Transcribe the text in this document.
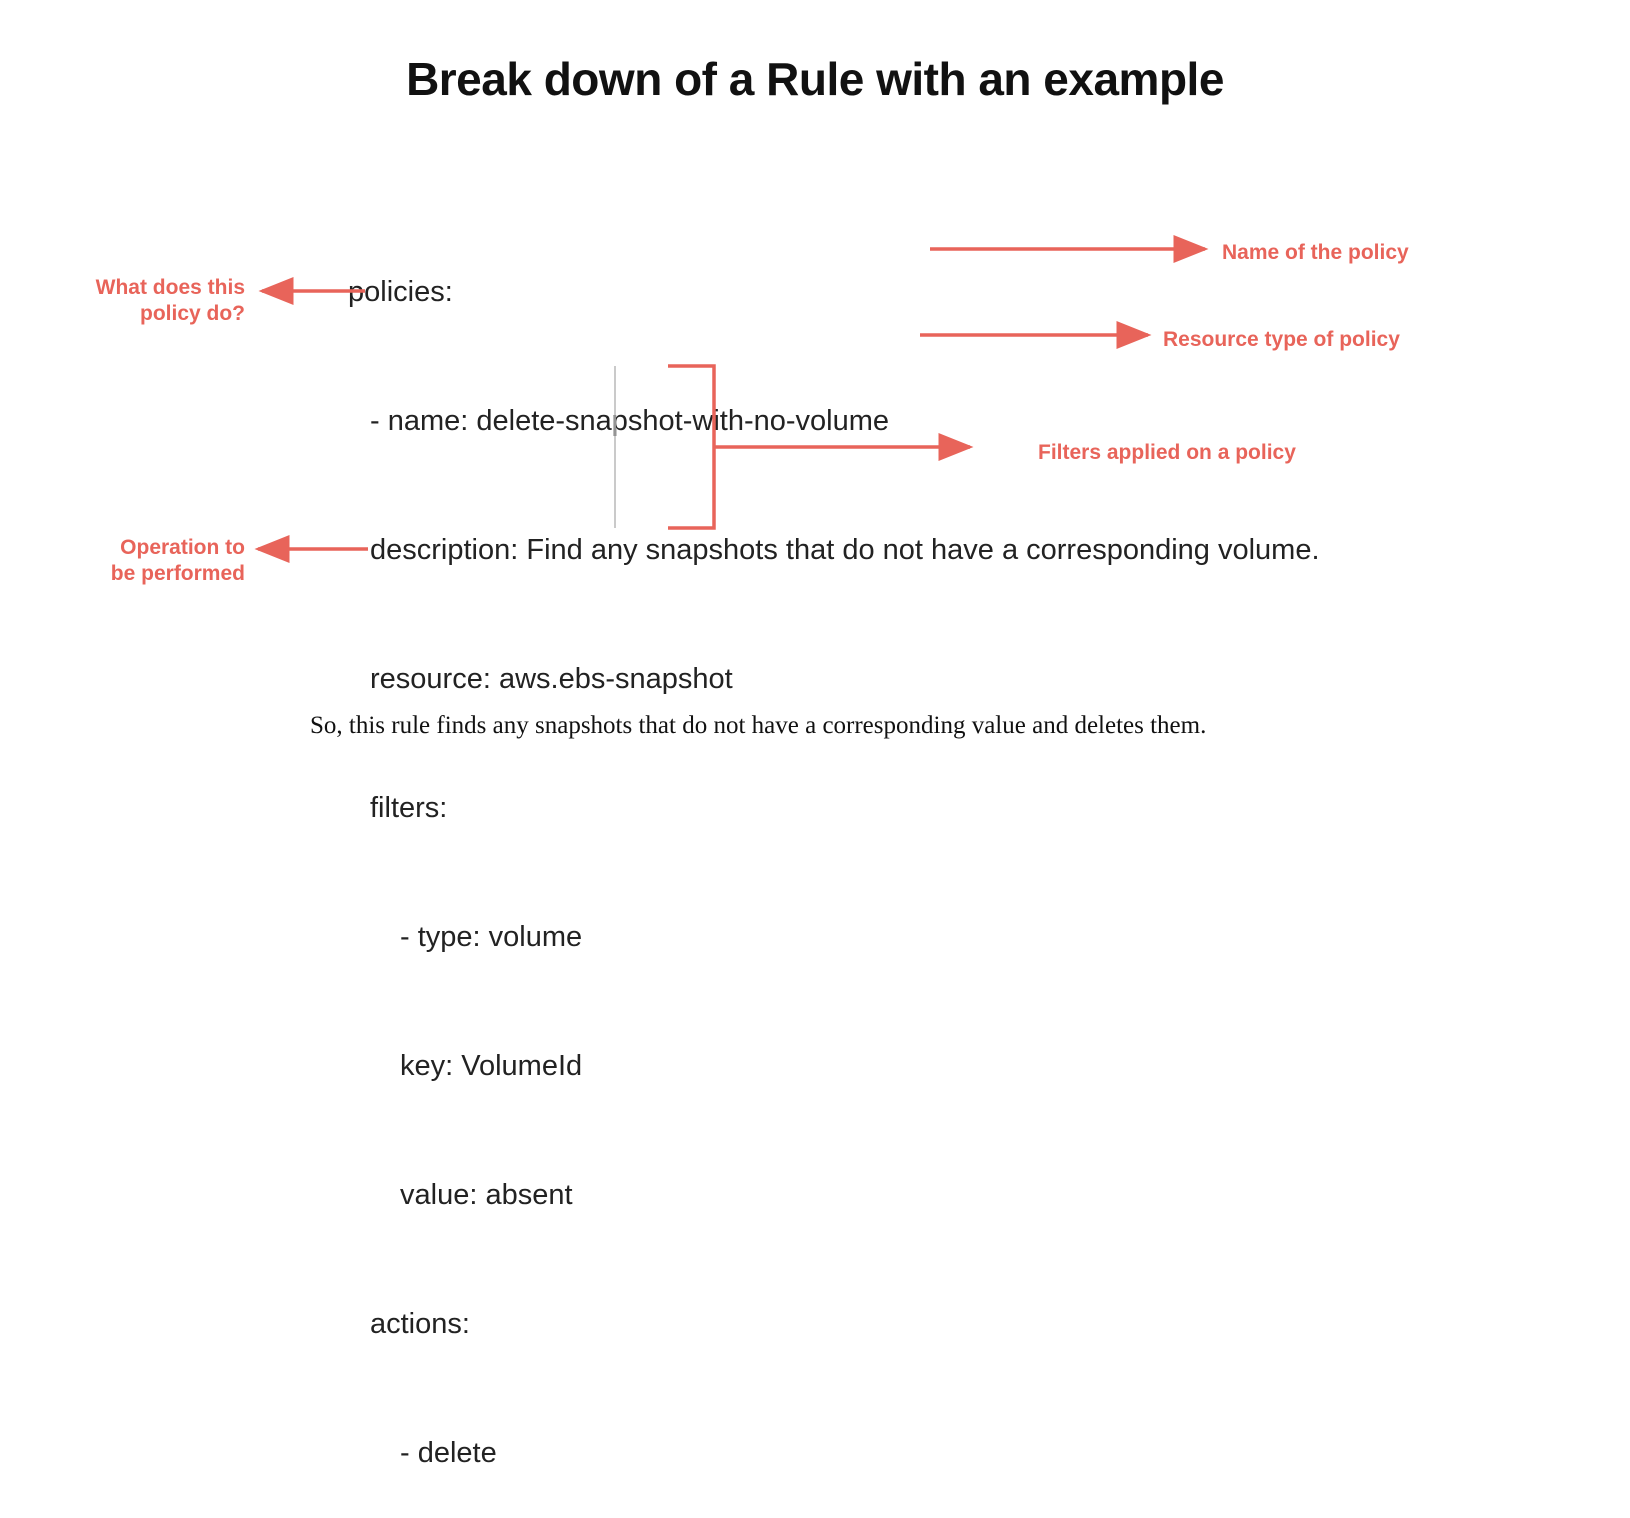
Break down of a Rule with an example

policies:

- name: delete-snapshot-with-no-volume

description: Find any snapshots that do not have a corresponding volume.

resource: aws.ebs-snapshot

filters:

- type: volume

key: VolumeId

value: absent

actions:

- delete

Name of the policy
What does this
policy do?
Resource type of policy
Filters applied on a policy
Operation to
be performed
So, this rule finds any snapshots that do not have a corresponding value and deletes them.
